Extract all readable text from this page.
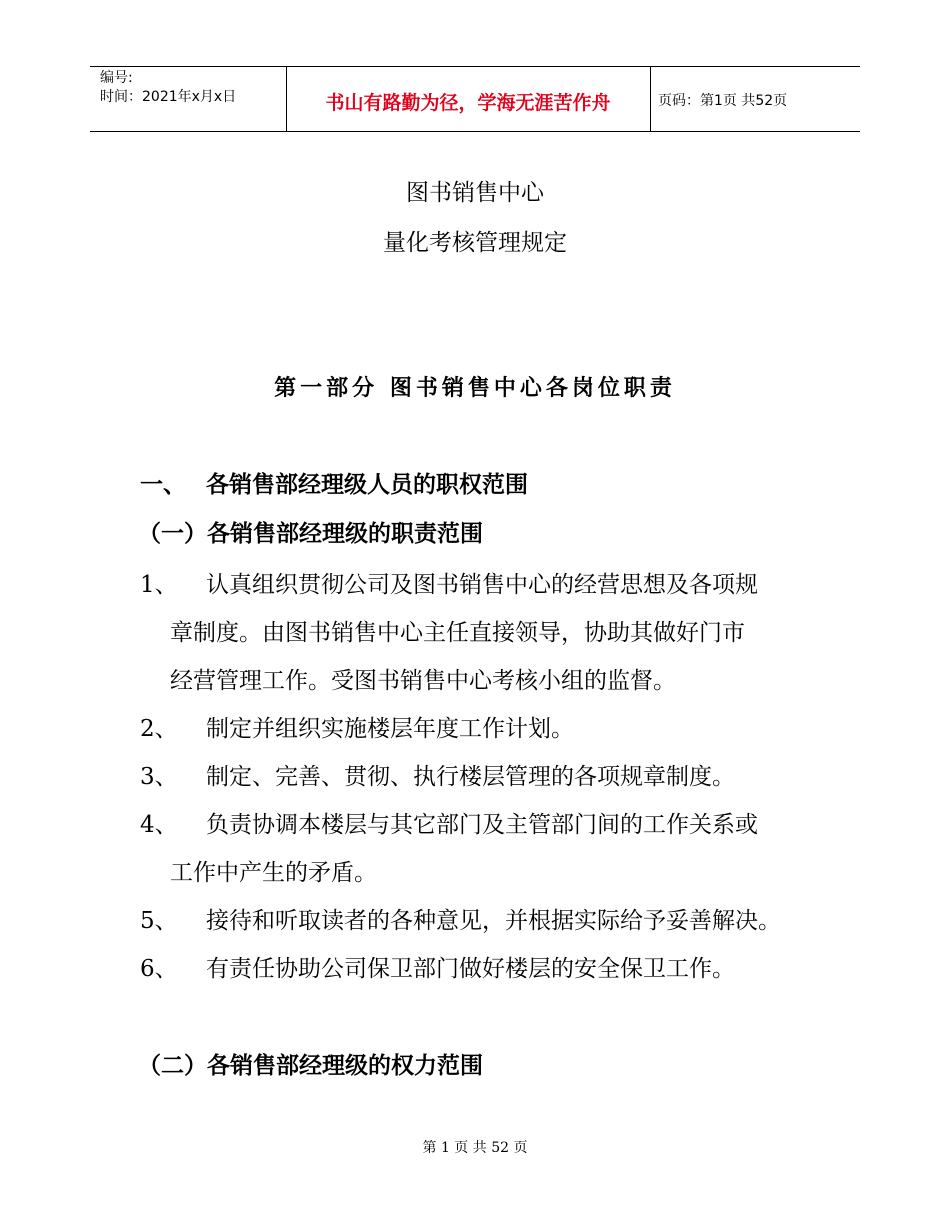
编号:
时间：2021年x月x日	书山有路勤为径，学海无涯苦作舟	页码：第1页 共52页
图书销售中心
量化考核管理规定
第一部分 图书销售中心各岗位职责
一、 各销售部经理级人员的职权范围
（一）各销售部经理级的职责范围
1、 认真组织贯彻公司及图书销售中心的经营思想及各项规
章制度。由图书销售中心主任直接领导，协助其做好门市
经营管理工作。受图书销售中心考核小组的监督。
2、 制定并组织实施楼层年度工作计划。
3、 制定、完善、贯彻、执行楼层管理的各项规章制度。
4、 负责协调本楼层与其它部门及主管部门间的工作关系或
工作中产生的矛盾。
5、 接待和听取读者的各种意见，并根据实际给予妥善解决。
6、 有责任协助公司保卫部门做好楼层的安全保卫工作。
（二）各销售部经理级的权力范围
第 1 页 共 52 页
